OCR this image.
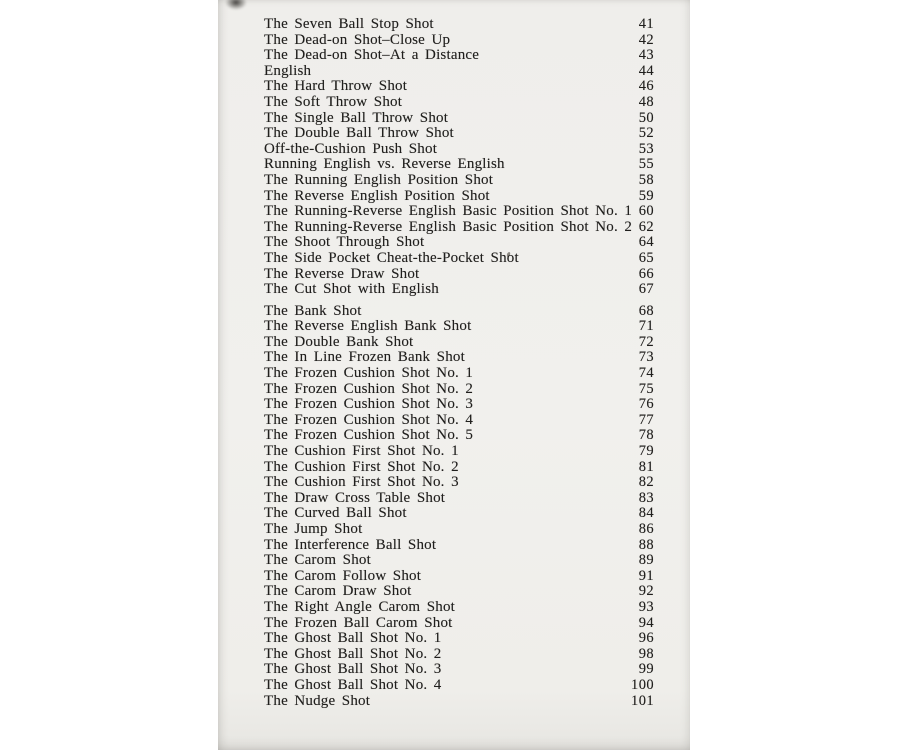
The Seven Ball Stop Shot	41
The Dead-on Shot–Close Up	42
The Dead-on Shot–At a Distance	43
English	44
The Hard Throw Shot	46
The Soft Throw Shot	48
The Single Ball Throw Shot	50
The Double Ball Throw Shot	52
Off-the-Cushion Push Shot	53
Running English vs. Reverse English	55
The Running English Position Shot	58
The Reverse English Position Shot	59
The Running-Reverse English Basic Position Shot No. 1 60
The Running-Reverse English Basic Position Shot No. 2 62
The Shoot Through Shot	64
The Side Pocket Cheat-the-Pocket Shot	65
The Reverse Draw Shot	66
The Cut Shot with English	67
The Bank Shot	68
The Reverse English Bank Shot	71
The Double Bank Shot	72
The In Line Frozen Bank Shot	73
The Frozen Cushion Shot No. 1	74
The Frozen Cushion Shot No. 2	75
The Frozen Cushion Shot No. 3	76
The Frozen Cushion Shot No. 4	77
The Frozen Cushion Shot No. 5	78
The Cushion First Shot No. 1	79
The Cushion First Shot No. 2	81
The Cushion First Shot No. 3	82
The Draw Cross Table Shot	83
The Curved Ball Shot	84
The Jump Shot	86
The Interference Ball Shot	88
The Carom Shot	89
The Carom Follow Shot	91
The Carom Draw Shot	92
The Right Angle Carom Shot	93
The Frozen Ball Carom Shot	94
The Ghost Ball Shot No. 1	96
The Ghost Ball Shot No. 2	98
The Ghost Ball Shot No. 3	99
The Ghost Ball Shot No. 4	100
The Nudge Shot	101
